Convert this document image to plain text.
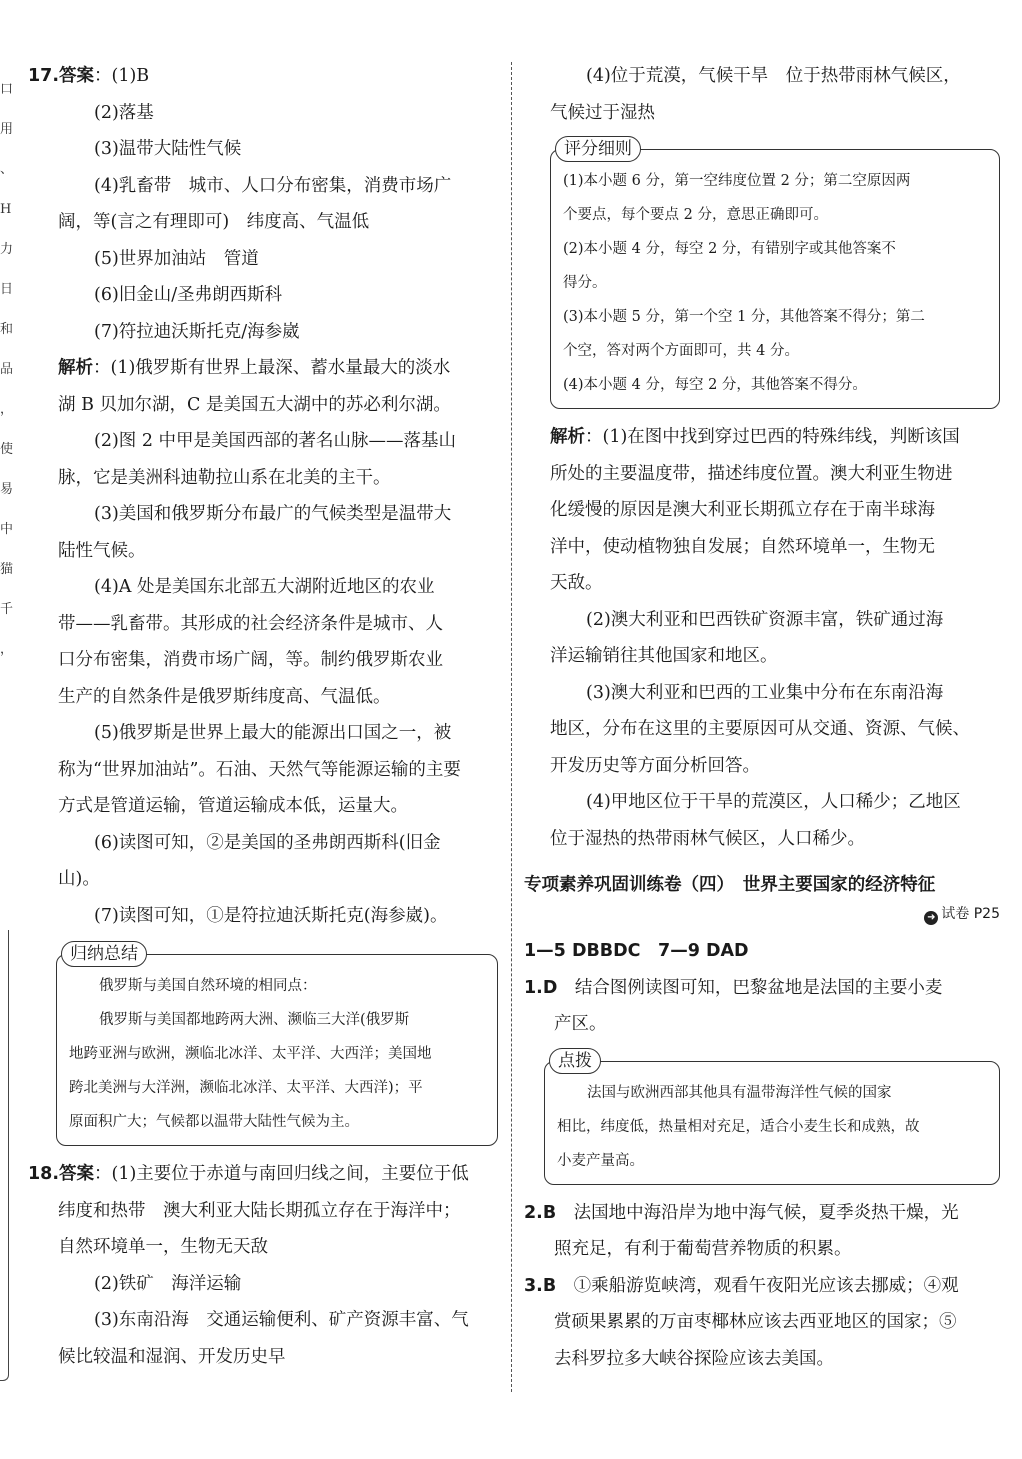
口
用
、
H
力
日
和
品
，
使
易
中
猫
千
，

17.答案：(1)B

(2)落基

(3)温带大陆性气候

(4)乳畜带　城市、人口分布密集，消费市场广

阔，等(言之有理即可)　纬度高、气温低

(5)世界加油站　管道

(6)旧金山/圣弗朗西斯科

(7)符拉迪沃斯托克/海参崴

解析：(1)俄罗斯有世界上最深、蓄水量最大的淡水

湖 B 贝加尔湖，C 是美国五大湖中的苏必利尔湖。

(2)图 2 中甲是美国西部的著名山脉——落基山

脉，它是美洲科迪勒拉山系在北美的主干。

(3)美国和俄罗斯分布最广的气候类型是温带大

陆性气候。

(4)A 处是美国东北部五大湖附近地区的农业

带——乳畜带。其形成的社会经济条件是城市、人

口分布密集，消费市场广阔，等。制约俄罗斯农业

生产的自然条件是俄罗斯纬度高、气温低。

(5)俄罗斯是世界上最大的能源出口国之一，被

称为“世界加油站”。石油、天然气等能源运输的主要

方式是管道运输，管道运输成本低，运量大。

(6)读图可知，②是美国的圣弗朗西斯科(旧金

山)。

(7)读图可知，①是符拉迪沃斯托克(海参崴)。

归纳总结

俄罗斯与美国自然环境的相同点：

俄罗斯与美国都地跨两大洲、濒临三大洋(俄罗斯

地跨亚洲与欧洲，濒临北冰洋、太平洋、大西洋；美国地

跨北美洲与大洋洲，濒临北冰洋、太平洋、大西洋)；平

原面积广大；气候都以温带大陆性气候为主。

18.答案：(1)主要位于赤道与南回归线之间，主要位于低

纬度和热带　澳大利亚大陆长期孤立存在于海洋中；

自然环境单一，生物无天敌

(2)铁矿　海洋运输

(3)东南沿海　交通运输便利、矿产资源丰富、气

候比较温和湿润、开发历史早

(4)位于荒漠，气候干旱　位于热带雨林气候区，

气候过于湿热

评分细则

(1)本小题 6 分，第一空纬度位置 2 分；第二空原因两

个要点，每个要点 2 分，意思正确即可。

(2)本小题 4 分，每空 2 分，有错别字或其他答案不

得分。

(3)本小题 5 分，第一个空 1 分，其他答案不得分；第二

个空，答对两个方面即可，共 4 分。

(4)本小题 4 分，每空 2 分，其他答案不得分。

解析：(1)在图中找到穿过巴西的特殊纬线，判断该国

所处的主要温度带，描述纬度位置。澳大利亚生物进

化缓慢的原因是澳大利亚长期孤立存在于南半球海

洋中，使动植物独自发展；自然环境单一，生物无

天敌。

(2)澳大利亚和巴西铁矿资源丰富，铁矿通过海

洋运输销往其他国家和地区。

(3)澳大利亚和巴西的工业集中分布在东南沿海

地区，分布在这里的主要原因可从交通、资源、气候、

开发历史等方面分析回答。

(4)甲地区位于干旱的荒漠区，人口稀少；乙地区

位于湿热的热带雨林气候区，人口稀少。

专项素养巩固训练卷（四）　世界主要国家的经济特征

➜ 试卷 P25

1—5 DBBDC　7—9 DAD

1.D　结合图例读图可知，巴黎盆地是法国的主要小麦

产区。

点拨

法国与欧洲西部其他具有温带海洋性气候的国家

相比，纬度低，热量相对充足，适合小麦生长和成熟，故

小麦产量高。

2.B　法国地中海沿岸为地中海气候，夏季炎热干燥，光

照充足，有利于葡萄营养物质的积累。

3.B　①乘船游览峡湾，观看午夜阳光应该去挪威；④观

赏硕果累累的万亩枣椰林应该去西亚地区的国家；⑤

去科罗拉多大峡谷探险应该去美国。
